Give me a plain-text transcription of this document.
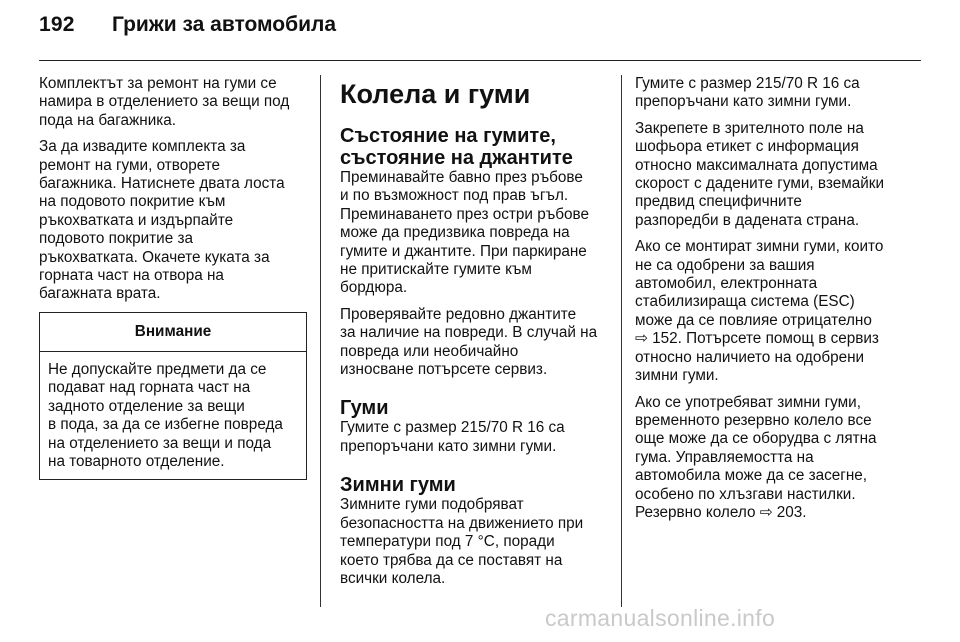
192 Грижи за автомобила

Комплектът за ремонт на гуми се
намира в отделението за вещи под
пода на багажника.

За да извадите комплекта за
ремонт на гуми, отворете
багажника. Натиснете двата лоста
на подовото покритие към
ръкохватката и издърпайте
подовото покритие за
ръкохватката. Окачете куката за
горната част на отвора на
багажната врата.

Внимание
Не допускайте предмети да се
подават над горната част на
задното отделение за вещи
в пода, за да се избегне повреда
на отделението за вещи и пода
на товарното отделение.
Колела и гуми
Състояние на гумите,
състояние на джантите

Преминавайте бавно през ръбове
и по възможност под прав ъгъл.
Преминаването през остри ръбове
може да предизвика повреда на
гумите и джантите. При паркиране
не притискайте гумите към
бордюра.

Проверявайте редовно джантите
за наличие на повреди. В случай на
повреда или необичайно
износване потърсете сервиз.

Гуми

Гумите с размер 215/70 R 16 са
препоръчани като зимни гуми.

Зимни гуми

Зимните гуми подобряват
безопасността на движението при
температури под 7 °C, поради
което трябва да се поставят на
всички колела.

Гумите с размер 215/70 R 16 са
препоръчани като зимни гуми.

Закрепете в зрителното поле на
шофьора етикет с информация
относно максималната допустима
скорост с дадените гуми, вземайки
предвид специфичните
разпоредби в дадената страна.

Ако се монтират зимни гуми, които
не са одобрени за вашия
автомобил, електронната
стабилизираща система (ESC)
може да се повлияе отрицателно
⇨ 152. Потърсете помощ в сервиз
относно наличието на одобрени
зимни гуми.

Ако се употребяват зимни гуми,
временното резервно колело все
още може да се оборудва с лятна
гума. Управляемостта на
автомобила може да се засегне,
особено по хлъзгави настилки.
Резервно колело ⇨ 203.

carmanualsonline.info
